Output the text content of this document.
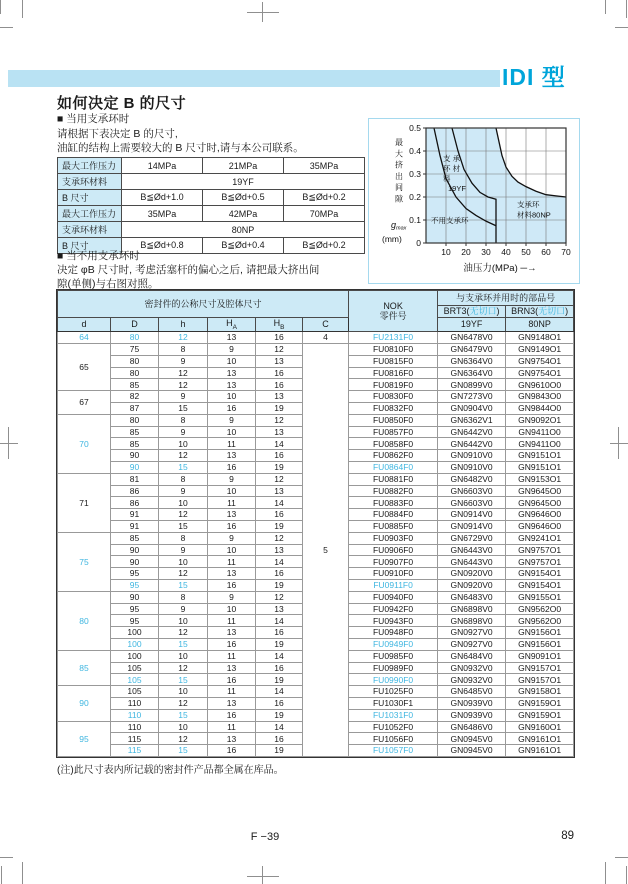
IDI 型
如何决定 B 的尺寸
■ 当用支承环时
请根据下表决定 B 的尺寸,
油缸的结构上需要较大的 B 尺寸时,请与本公司联系。
最大工作压力	14MPa	21MPa	35MPa
支承环材料	19YF		
B 尺寸	B≦Ød+1.0	B≦Ød+0.5	B≦Ød+0.2
最大工作压力	35MPa	42MPa	70MPa
支承环材料	80NP		
B 尺寸	B≦Ød+0.8	B≦Ød+0.4	B≦Ød+0.2
■ 当不用支承环时
决定 φB 尺寸时, 考虑活塞杆的偏心之后, 请把最大挤出间
隙(单侧)与右图对照。
0
0.1
0.2
0.3
0.4
0.5
10 20 30 40 50 60 70
最
大
挤
出
间
隙
gmax
(mm)
油压力(MPa) ─→
支 承
环 材
料
19YF
不用支承环
支承环
材料80NP
密封件的公称尺寸及腔体尺寸						NOK
零件号	与支承环并用时的部品号	
							BRT3(无切口)	BRN3(无切口)
d	D	h	$H_A$	$H_B$	C		19YF	80NP
64	80	12	13	16	4	FU2131F0	GN6478V0	GN9148O1
65	75	8	9	12	5	FU0810F0	GN6479V0	GN9149O1
	80	9	10	13		FU0815F0	GN6364V0	GN9754O1
	80	12	13	16		FU0816F0	GN6364V0	GN9754O1
	85	12	13	16		FU0819F0	GN0899V0	GN9610O0
67	82	9	10	13		FU0830F0	GN7273V0	GN9843O0
	87	15	16	19		FU0832F0	GN0904V0	GN9844O0
70	80	8	9	12		FU0850F0	GN6362V1	GN9092O1
	85	9	10	13		FU0857F0	GN6442V0	GN9411O0
	85	10	11	14		FU0858F0	GN6442V0	GN9411O0
	90	12	13	16		FU0862F0	GN0910V0	GN9151O1
	90	15	16	19		FU0864F0	GN0910V0	GN9151O1
71	81	8	9	12		FU0881F0	GN6482V0	GN9153O1
	86	9	10	13		FU0882F0	GN6603V0	GN9645O0
	86	10	11	14		FU0883F0	GN6603V0	GN9645O0
	91	12	13	16		FU0884F0	GN0914V0	GN9646O0
	91	15	16	19		FU0885F0	GN0914V0	GN9646O0
75	85	8	9	12		FU0903F0	GN6729V0	GN9241O1
	90	9	10	13		FU0906F0	GN6443V0	GN9757O1
	90	10	11	14		FU0907F0	GN6443V0	GN9757O1
	95	12	13	16		FU0910F0	GN0920V0	GN9154O1
	95	15	16	19		FU0911F0	GN0920V0	GN9154O1
80	90	8	9	12		FU0940F0	GN6483V0	GN9155O1
	95	9	10	13		FU0942F0	GN6898V0	GN9562O0
	95	10	11	14		FU0943F0	GN6898V0	GN9562O0
	100	12	13	16		FU0948F0	GN0927V0	GN9156O1
	100	15	16	19		FU0949F0	GN0927V0	GN9156O1
85	100	10	11	14		FU0985F0	GN6484V0	GN9091O1
	105	12	13	16		FU0989F0	GN0932V0	GN9157O1
	105	15	16	19		FU0990F0	GN0932V0	GN9157O1
90	105	10	11	14		FU1025F0	GN6485V0	GN9158O1
	110	12	13	16		FU1030F1	GN0939V0	GN9159O1
	110	15	16	19		FU1031F0	GN0939V0	GN9159O1
95	110	10	11	14		FU1052F0	GN6486V0	GN9160O1
	115	12	13	16		FU1056F0	GN0945V0	GN9161O1
	115	15	16	19		FU1057F0	GN0945V0	GN9161O1
(注)此尺寸表内所记载的密封件产品都全属在库品。
F −39	89
